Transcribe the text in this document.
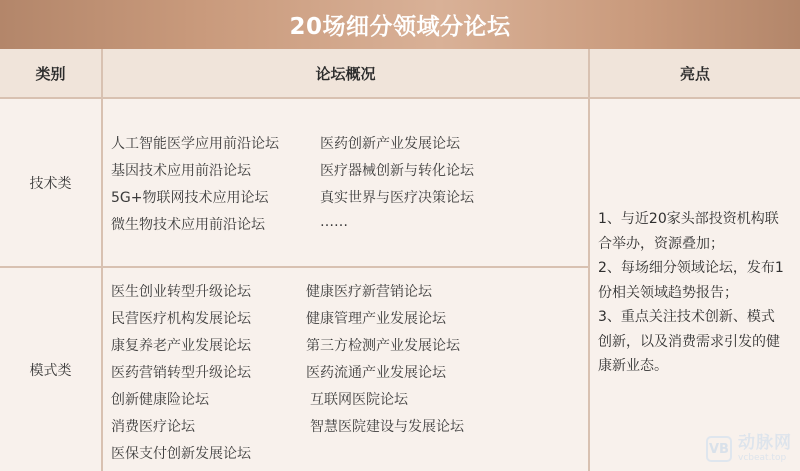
20场细分领域分论坛
类别	论坛概况	亮点
技术类
模式类
人工智能医学应用前沿论坛
基因技术应用前沿论坛
5G+物联网技术应用论坛
微生物技术应用前沿论坛
医药创新产业发展论坛
医疗器械创新与转化论坛
真实世界与医疗决策论坛
……
医生创业转型升级论坛
民营医疗机构发展论坛
康复养老产业发展论坛
医药营销转型升级论坛
创新健康险论坛
消费医疗论坛
医保支付创新发展论坛
健康医疗新营销论坛
健康管理产业发展论坛
第三方检测产业发展论坛
医药流通产业发展论坛
互联网医院论坛
智慧医院建设与发展论坛
1、与近20家头部投资机构联合举办，资源叠加；
2、每场细分领域论坛，发布1份相关领域趋势报告；
3、重点关注技术创新、模式创新，以及消费需求引发的健康新业态。
VB 动脉网
vcbeat.top
